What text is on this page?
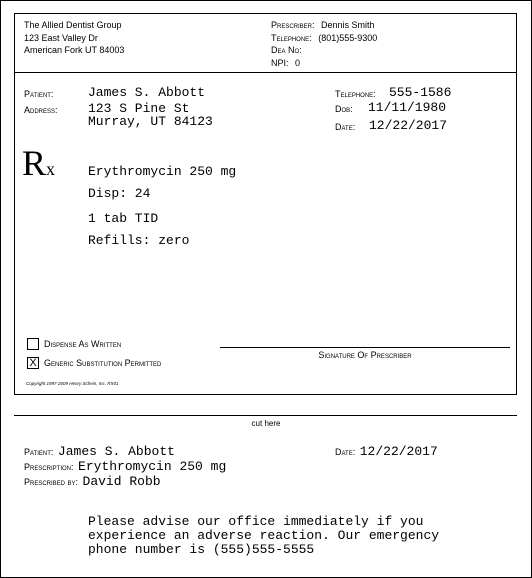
The Allied Dentist Group
123 East Valley Dr
American Fork UT 84003
Prescriber: Dennis Smith
Telephone: (801)555-9300
Dea No:
NPI: 0
Patient:	James S. Abbott
Address: 123 S Pine St
Murray, UT 84123
Telephone: 555-1586
Dob: 11/11/1980
Date: 12/22/2017
Rx	Erythromycin 250 mg
Disp: 24
1 tab TID
Refills: zero
Dispense As Written
X Generic Substitution Permitted
Signature Of Prescriber
Copyright 1997-2009 Henry Schein, Inc. RX01
cut here
Patient: James S. Abbott
Prescription: Erythromycin 250 mg
Prescribed by: David Robb
Date: 12/22/2017
Please advise our office immediately if you
experience an adverse reaction. Our emergency
phone number is (555)555-5555
